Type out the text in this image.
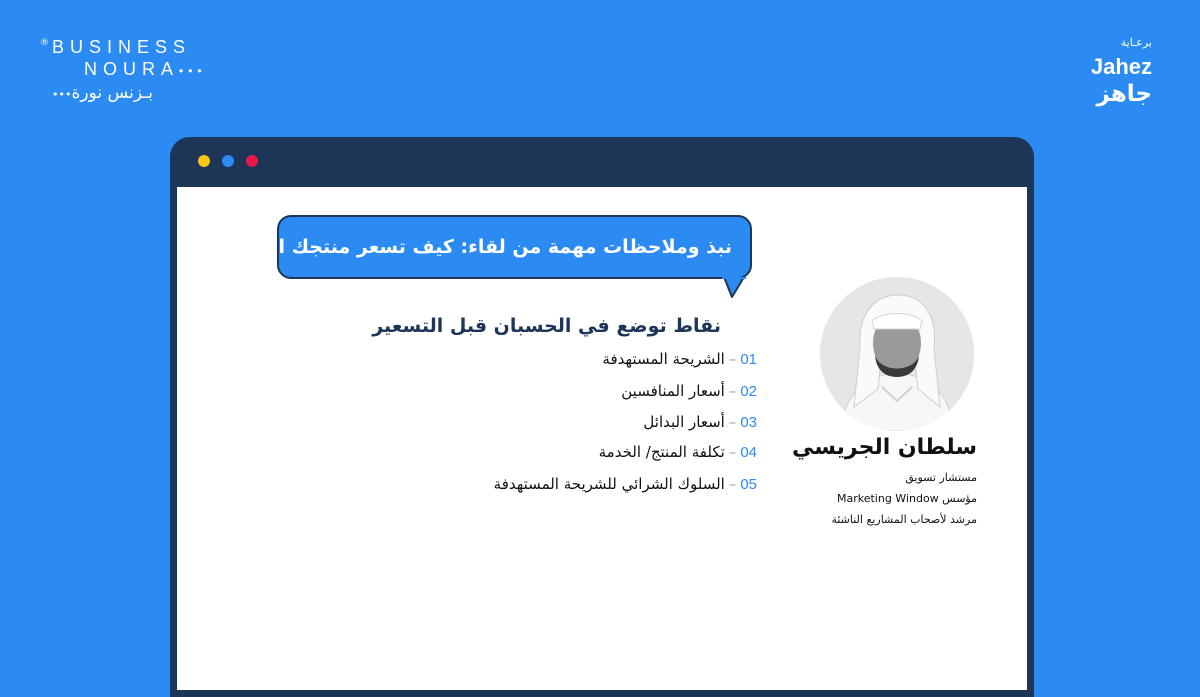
® BUSINESS
NOURA•••
•••بـزنس نورة
برعـاية
Jahez
جاهز
نبذ وملاحظات مهمة من لقاء: كيف تسعر منتجك او خدمتك
نقاط توضع في الحسبان قبل التسعير
01–الشريحة المستهدفة
02–أسعار المنافسين
03–أسعار البدائل
04–تكلفة المنتج/ الخدمة
05–السلوك الشرائي للشريحة المستهدفة
سلطان الجريسي
مستشار تسويق
مؤسس Marketing Window
مرشد لأصحاب المشاريع الناشئة
